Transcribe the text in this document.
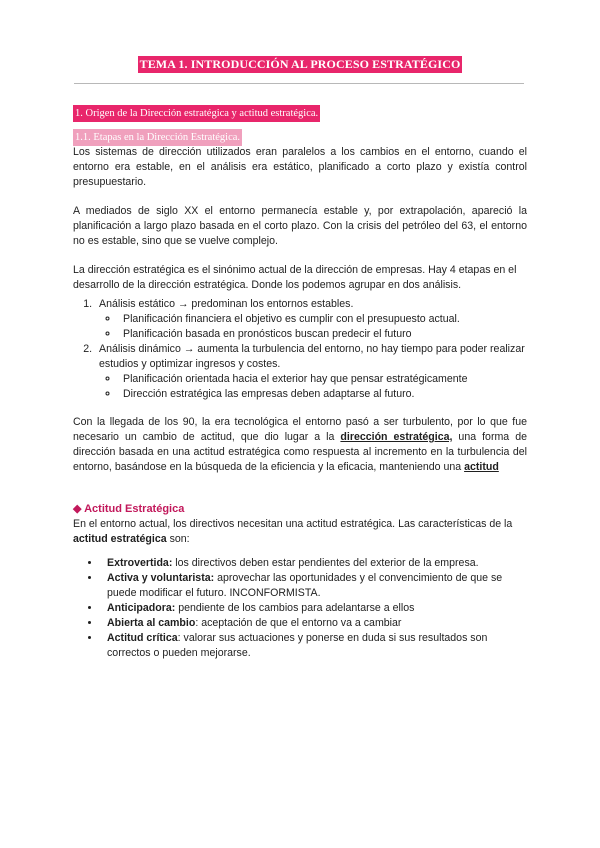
TEMA 1. INTRODUCCIÓN AL PROCESO ESTRATÉGICO
1. Origen de la Dirección estratégica y actitud estratégica.
1.1. Etapas en la Dirección Estratégica.

Los sistemas de dirección utilizados eran paralelos a los cambios en el entorno, cuando el entorno era estable, en el análisis era estático, planificado a corto plazo y existía control presupuestario.

A mediados de siglo XX el entorno permanecía estable y, por extrapolación, apareció la planificación a largo plazo basada en el corto plazo. Con la crisis del petróleo del 63, el entorno no es estable, sino que se vuelve complejo.

La dirección estratégica es el sinónimo actual de la dirección de empresas. Hay 4 etapas en el desarrollo de la dirección estratégica. Donde los podemos agrupar en dos análisis.

1. Análisis estático → predominan los entornos estables.
◦ Planificación financiera el objetivo es cumplir con el presupuesto actual.
◦ Planificación basada en pronósticos buscan predecir el futuro
2. Análisis dinámico → aumenta la turbulencia del entorno, no hay tiempo para poder realizar estudios y optimizar ingresos y costes.
◦ Planificación orientada hacia el exterior hay que pensar estratégicamente
◦ Dirección estratégica las empresas deben adaptarse al futuro.

Con la llegada de los 90, la era tecnológica el entorno pasó a ser turbulento, por lo que fue necesario un cambio de actitud, que dio lugar a la dirección estratégica, una forma de dirección basada en una actitud estratégica como respuesta al incremento en la turbulencia del entorno, basándose en la búsqueda de la eficiencia y la eficacia, manteniendo una actitud

◆ Actitud Estratégica

En el entorno actual, los directivos necesitan una actitud estratégica. Las características de la actitud estratégica son:

• Extrovertida: los directivos deben estar pendientes del exterior de la empresa.
• Activa y voluntarista: aprovechar las oportunidades y el convencimiento de que se puede modificar el futuro. INCONFORMISTA.
• Anticipadora: pendiente de los cambios para adelantarse a ellos
• Abierta al cambio: aceptación de que el entorno va a cambiar
• Actitud crítica: valorar sus actuaciones y ponerse en duda si sus resultados son correctos o pueden mejorarse.
